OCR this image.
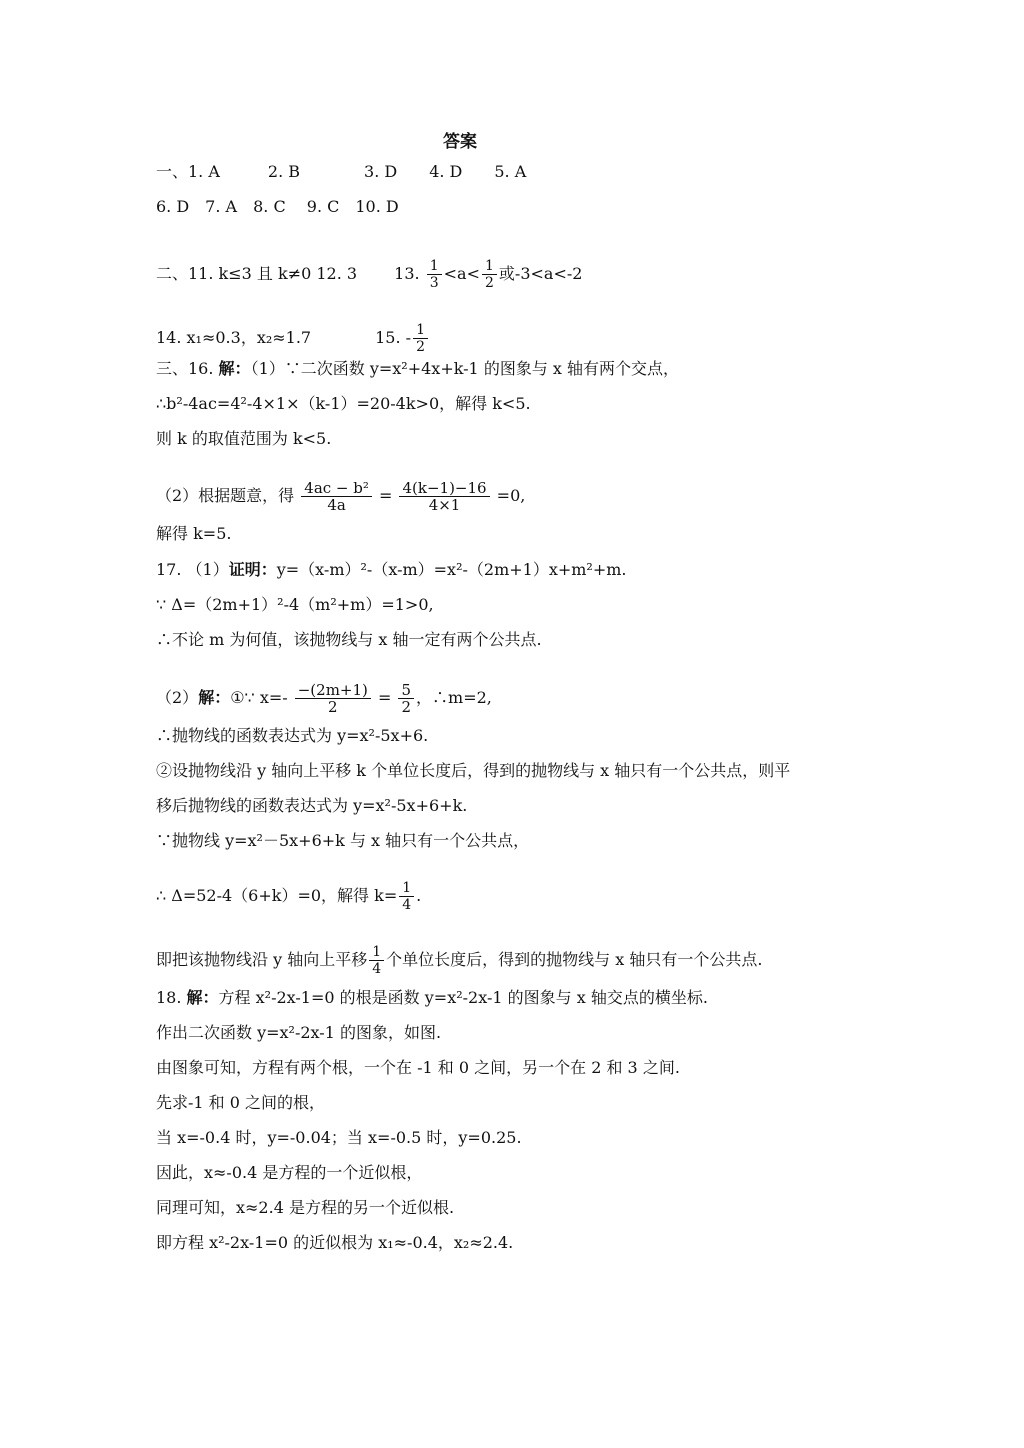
答案
一、1. A　　　2. B　　　　3. D　　4. D　　5. A
6. D　7. A　8. C　 9. C　10. D
二、11. k≤3 且 k≠0 12. 3　　 13. $\frac{1}{3} <a< \frac{1}{2}$ 或-3<a<-2
14. x₁≈0.3，x₂≈1.7　　　　15. - $\frac{1}{2}$
三、16. 解：（1）∵二次函数 y=x²+4x+k-1 的图象与 x 轴有两个交点，
∴b²-4ac=4²-4×1×（k-1）=20-4k>0，解得 k<5.
则 k 的取值范围为 k<5.
（2）根据题意，得 $\frac{\text{4ac − b²}}{4a} = \frac{4(k-1)-16}{4\times 1} =0$,
解得 k=5.
17. （1）证明：y=（x-m）²-（x-m）=x²-（2m+1）x+m²+m.
∵ Δ=（2m+1）²-4（m²+m）=1>0,
∴不论 m 为何值，该抛物线与 x 轴一定有两个公共点.
（2）解：①∵ $x=- \frac{-(2m+1)}{2} = \frac{5}{2}$ ，∴m=2,
∴抛物线的函数表达式为 y=x²-5x+6.
②设抛物线沿 y 轴向上平移 k 个单位长度后，得到的抛物线与 x 轴只有一个公共点，则平
移后抛物线的函数表达式为 y=x²-5x+6+k.
∵抛物线 y=x²－5x+6+k 与 x 轴只有一个公共点，
∴ Δ=52-4（6+k）=0，解得 $k= \frac{1}{4}$ .
即把该抛物线沿 y 轴向上平移 $\frac{1}{4}$ 个单位长度后，得到的抛物线与 x 轴只有一个公共点.
18. 解：方程 x²-2x-1=0 的根是函数 y=x²-2x-1 的图象与 x 轴交点的横坐标.
作出二次函数 y=x²-2x-1 的图象，如图.
由图象可知，方程有两个根，一个在 -1 和 0 之间，另一个在 2 和 3 之间.
先求-1 和 0 之间的根，
当 x=-0.4 时，y=-0.04；当 x=-0.5 时，y=0.25.
因此，x≈-0.4 是方程的一个近似根，
同理可知，x≈2.4 是方程的另一个近似根.
即方程 x²-2x-1=0 的近似根为 x₁≈-0.4，x₂≈2.4.
